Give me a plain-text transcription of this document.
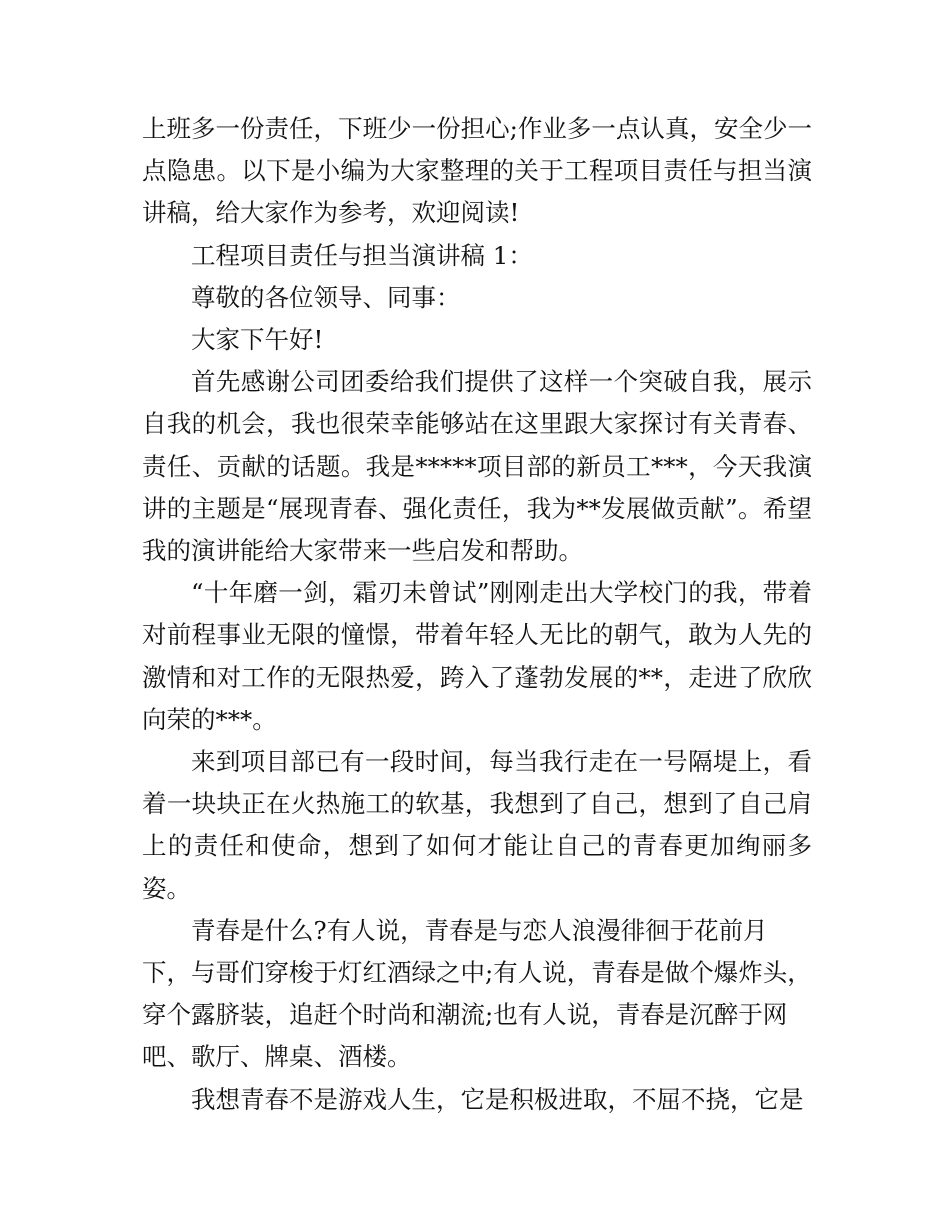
上班多一份责任，下班少一份担心;作业多一点认真，安全少一点隐患。以下是小编为大家整理的关于工程项目责任与担当演讲稿，给大家作为参考，欢迎阅读!

工程项目责任与担当演讲稿 1：

尊敬的各位领导、同事：

大家下午好!

首先感谢公司团委给我们提供了这样一个突破自我，展示自我的机会，我也很荣幸能够站在这里跟大家探讨有关青春、责任、贡献的话题。我是*****项目部的新员工***，今天我演讲的主题是“展现青春、强化责任，我为**发展做贡献”。希望我的演讲能给大家带来一些启发和帮助。

“十年磨一剑，霜刃未曾试”刚刚走出大学校门的我，带着对前程事业无限的憧憬，带着年轻人无比的朝气，敢为人先的激情和对工作的无限热爱，跨入了蓬勃发展的**，走进了欣欣向荣的***。

来到项目部已有一段时间，每当我行走在一号隔堤上，看着一块块正在火热施工的软基，我想到了自己，想到了自己肩上的责任和使命，想到了如何才能让自己的青春更加绚丽多姿。

青春是什么?有人说，青春是与恋人浪漫徘徊于花前月下，与哥们穿梭于灯红酒绿之中;有人说，青春是做个爆炸头，穿个露脐装，追赶个时尚和潮流;也有人说，青春是沉醉于网吧、歌厅、牌桌、酒楼。

我想青春不是游戏人生，它是积极进取，不屈不挠，它是
